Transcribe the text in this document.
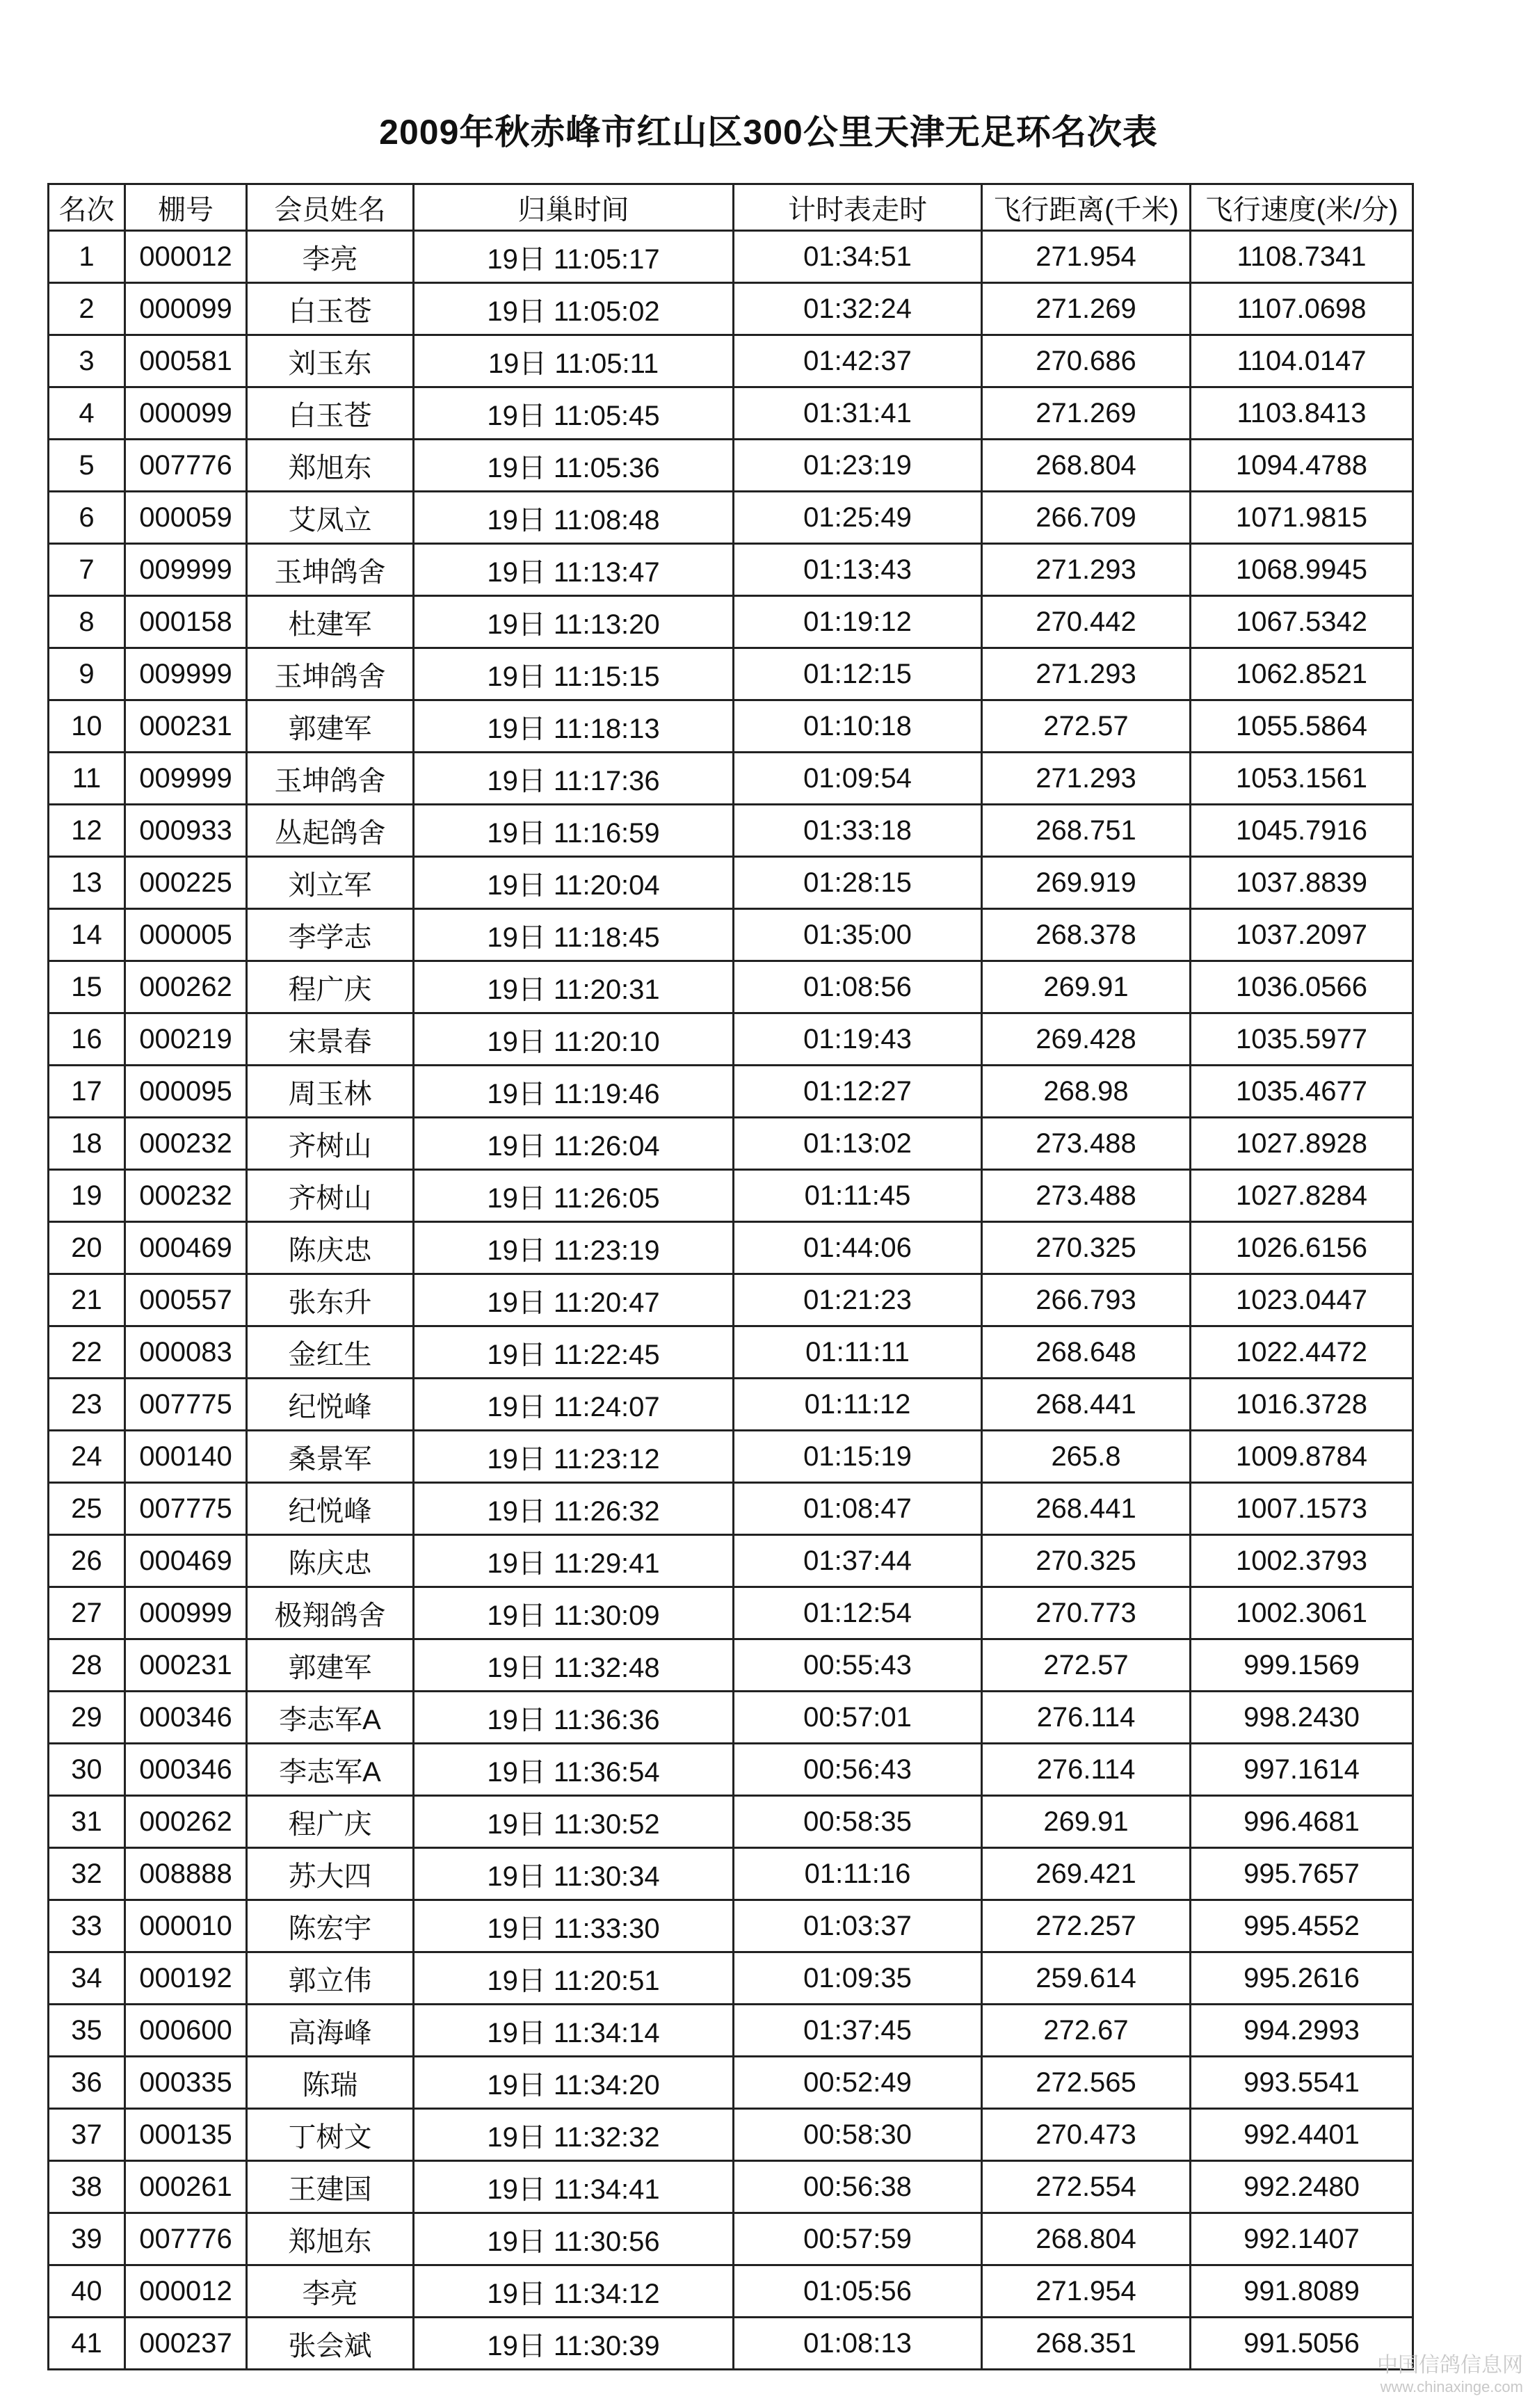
2009年秋赤峰市红山区300公里天津无足环名次表
名次	棚号	会员姓名	归巢时间	计时表走时	飞行距离(千米)	飞行速度(米/分)
1	000012	李亮	19日 11:05:17	01:34:51	271.954	1108.7341
2	000099	白玉苍	19日 11:05:02	01:32:24	271.269	1107.0698
3	000581	刘玉东	19日 11:05:11	01:42:37	270.686	1104.0147
4	000099	白玉苍	19日 11:05:45	01:31:41	271.269	1103.8413
5	007776	郑旭东	19日 11:05:36	01:23:19	268.804	1094.4788
6	000059	艾凤立	19日 11:08:48	01:25:49	266.709	1071.9815
7	009999	玉坤鸽舍	19日 11:13:47	01:13:43	271.293	1068.9945
8	000158	杜建军	19日 11:13:20	01:19:12	270.442	1067.5342
9	009999	玉坤鸽舍	19日 11:15:15	01:12:15	271.293	1062.8521
10	000231	郭建军	19日 11:18:13	01:10:18	272.57	1055.5864
11	009999	玉坤鸽舍	19日 11:17:36	01:09:54	271.293	1053.1561
12	000933	丛起鸽舍	19日 11:16:59	01:33:18	268.751	1045.7916
13	000225	刘立军	19日 11:20:04	01:28:15	269.919	1037.8839
14	000005	李学志	19日 11:18:45	01:35:00	268.378	1037.2097
15	000262	程广庆	19日 11:20:31	01:08:56	269.91	1036.0566
16	000219	宋景春	19日 11:20:10	01:19:43	269.428	1035.5977
17	000095	周玉林	19日 11:19:46	01:12:27	268.98	1035.4677
18	000232	齐树山	19日 11:26:04	01:13:02	273.488	1027.8928
19	000232	齐树山	19日 11:26:05	01:11:45	273.488	1027.8284
20	000469	陈庆忠	19日 11:23:19	01:44:06	270.325	1026.6156
21	000557	张东升	19日 11:20:47	01:21:23	266.793	1023.0447
22	000083	金红生	19日 11:22:45	01:11:11	268.648	1022.4472
23	007775	纪悦峰	19日 11:24:07	01:11:12	268.441	1016.3728
24	000140	桑景军	19日 11:23:12	01:15:19	265.8	1009.8784
25	007775	纪悦峰	19日 11:26:32	01:08:47	268.441	1007.1573
26	000469	陈庆忠	19日 11:29:41	01:37:44	270.325	1002.3793
27	000999	极翔鸽舍	19日 11:30:09	01:12:54	270.773	1002.3061
28	000231	郭建军	19日 11:32:48	00:55:43	272.57	999.1569
29	000346	李志军A	19日 11:36:36	00:57:01	276.114	998.2430
30	000346	李志军A	19日 11:36:54	00:56:43	276.114	997.1614
31	000262	程广庆	19日 11:30:52	00:58:35	269.91	996.4681
32	008888	苏大四	19日 11:30:34	01:11:16	269.421	995.7657
33	000010	陈宏宇	19日 11:33:30	01:03:37	272.257	995.4552
34	000192	郭立伟	19日 11:20:51	01:09:35	259.614	995.2616
35	000600	高海峰	19日 11:34:14	01:37:45	272.67	994.2993
36	000335	陈瑞	19日 11:34:20	00:52:49	272.565	993.5541
37	000135	丁树文	19日 11:32:32	00:58:30	270.473	992.4401
38	000261	王建国	19日 11:34:41	00:56:38	272.554	992.2480
39	007776	郑旭东	19日 11:30:56	00:57:59	268.804	992.1407
40	000012	李亮	19日 11:34:12	01:05:56	271.954	991.8089
41	000237	张会斌	19日 11:30:39	01:08:13	268.351	991.5056
中国信鸽信息网
www.chinaxinge.com
